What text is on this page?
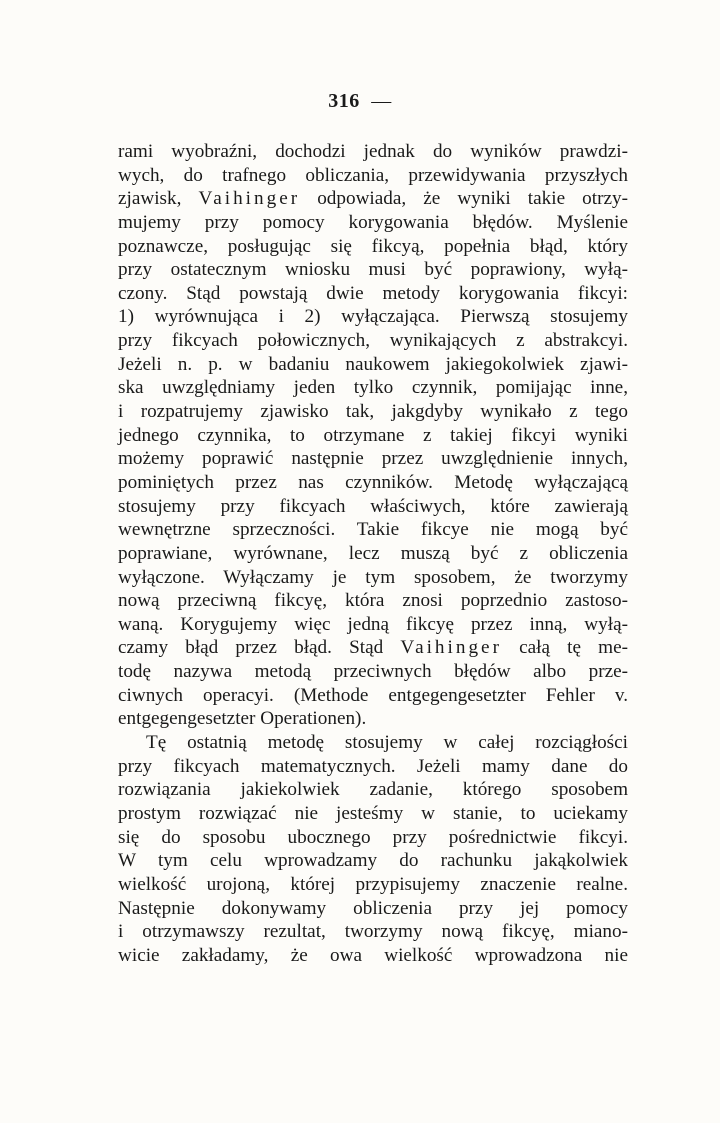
316 —
rami wyobraźni, dochodzi jednak do wyników prawdzi-
wych, do trafnego obliczania, przewidywania przyszłych
zjawisk, Vaihinger odpowiada, że wyniki takie otrzy-
mujemy przy pomocy korygowania błędów. Myślenie
poznawcze, posługując się fikcyą, popełnia błąd, który
przy ostatecznym wniosku musi być poprawiony, wyłą-
czony. Stąd powstają dwie metody korygowania fikcyi:
1) wyrównująca i 2) wyłączająca. Pierwszą stosujemy
przy fikcyach połowicznych, wynikających z abstrakcyi.
Jeżeli n. p. w badaniu naukowem jakiegokolwiek zjawi-
ska uwzględniamy jeden tylko czynnik, pomijając inne,
i rozpatrujemy zjawisko tak, jakgdyby wynikało z tego
jednego czynnika, to otrzymane z takiej fikcyi wyniki
możemy poprawić następnie przez uwzględnienie innych,
pominiętych przez nas czynników. Metodę wyłączającą
stosujemy przy fikcyach właściwych, które zawierają
wewnętrzne sprzeczności. Takie fikcye nie mogą być
poprawiane, wyrównane, lecz muszą być z obliczenia
wyłączone. Wyłączamy je tym sposobem, że tworzymy
nową przeciwną fikcyę, która znosi poprzednio zastoso-
waną. Korygujemy więc jedną fikcyę przez inną, wyłą-
czamy błąd przez błąd. Stąd Vaihinger całą tę me-
todę nazywa metodą przeciwnych błędów albo prze-
ciwnych operacyi. (Methode entgegengesetzter Fehler v.
entgegengesetzter Operationen).
Tę ostatnią metodę stosujemy w całej rozciągłości
przy fikcyach matematycznych. Jeżeli mamy dane do
rozwiązania jakiekolwiek zadanie, którego sposobem
prostym rozwiązać nie jesteśmy w stanie, to uciekamy
się do sposobu ubocznego przy pośrednictwie fikcyi.
W tym celu wprowadzamy do rachunku jakąkolwiek
wielkość urojoną, której przypisujemy znaczenie realne.
Następnie dokonywamy obliczenia przy jej pomocy
i otrzymawszy rezultat, tworzymy nową fikcyę, miano-
wicie zakładamy, że owa wielkość wprowadzona nie
